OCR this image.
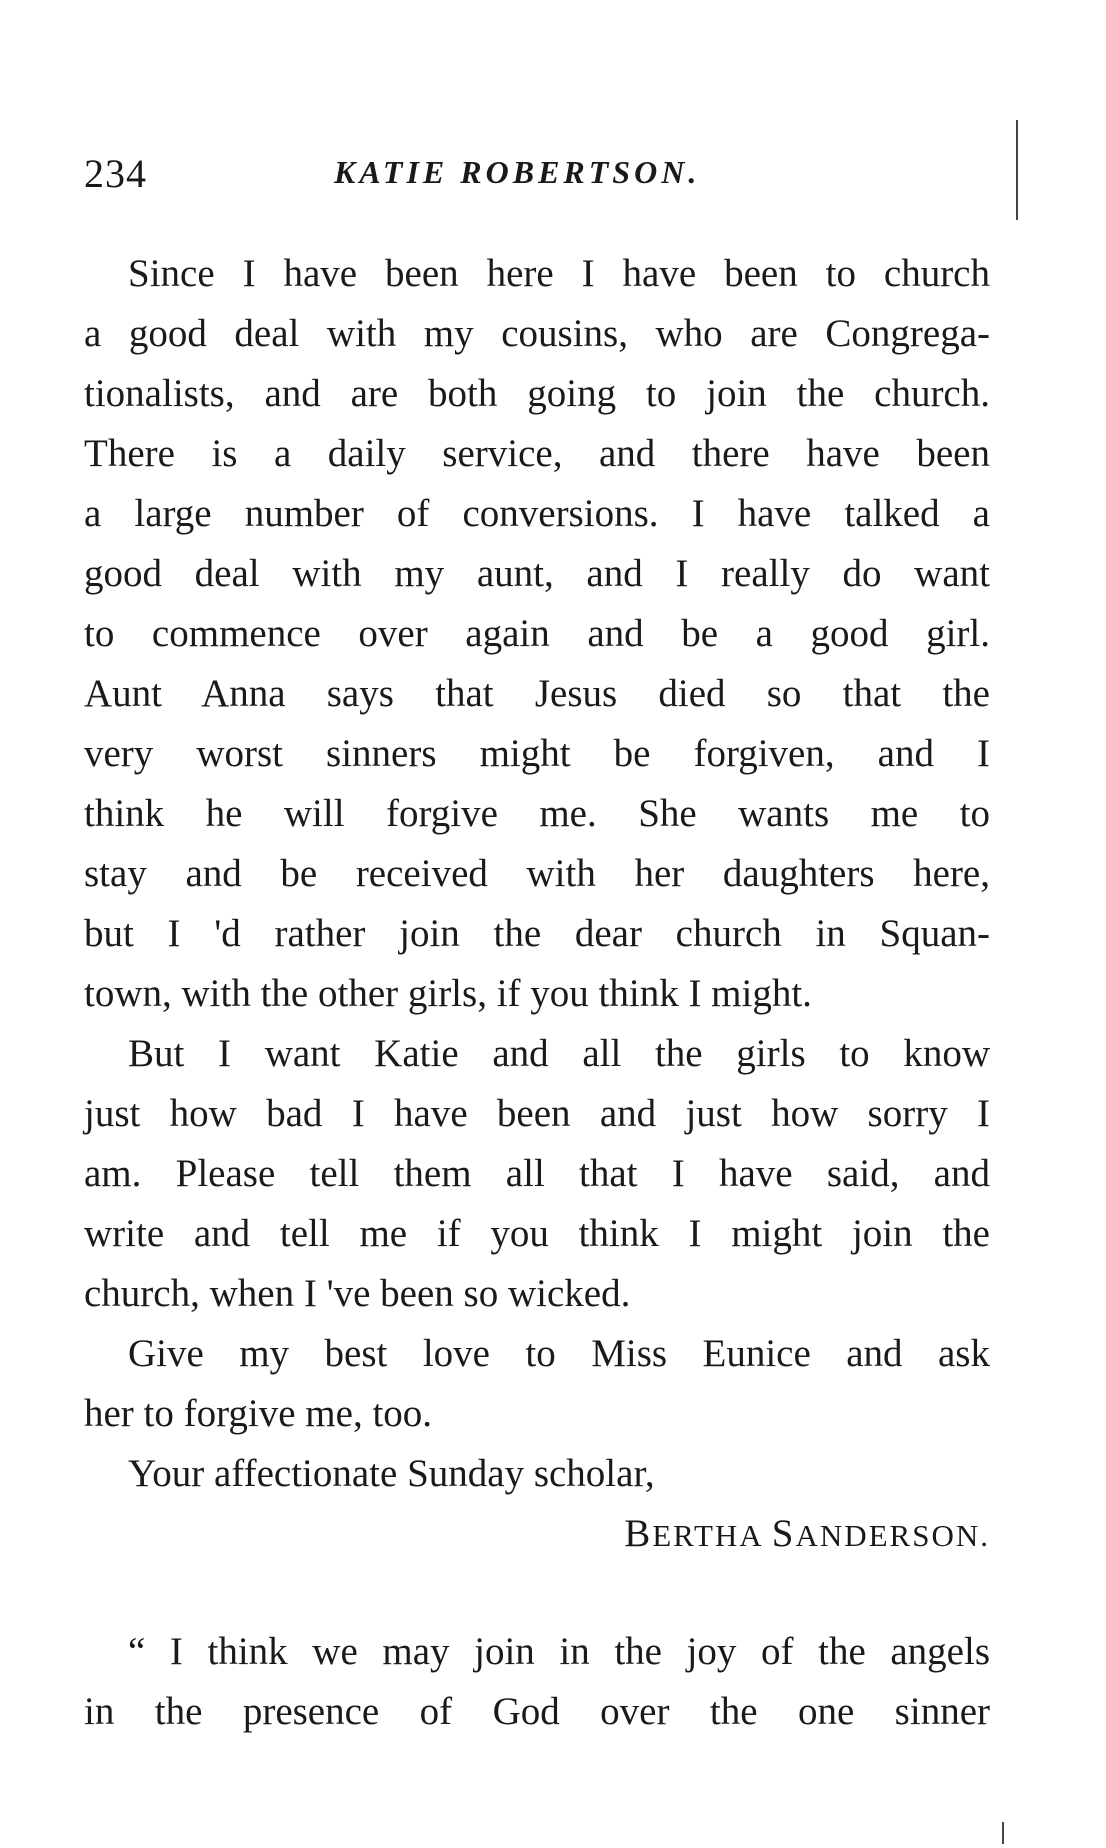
234	KATIE ROBERTSON.
Since I have been here I have been to church
a good deal with my cousins, who are Congrega-
tionalists, and are both going to join the church.
There is a daily service, and there have been
a large number of conversions. I have talked a
good deal with my aunt, and I really do want
to commence over again and be a good girl.
Aunt Anna says that Jesus died so that the
very worst sinners might be forgiven, and I
think he will forgive me. She wants me to
stay and be received with her daughters here,
but I 'd rather join the dear church in Squan-
town, with the other girls, if you think I might.
But I want Katie and all the girls to know
just how bad I have been and just how sorry I
am. Please tell them all that I have said, and
write and tell me if you think I might join the
church, when I 've been so wicked.
Give my best love to Miss Eunice and ask
her to forgive me, too.
Your affectionate Sunday scholar,
BERTHA SANDERSON.
“ I think we may join in the joy of the angels
in the presence of God over the one sinner
